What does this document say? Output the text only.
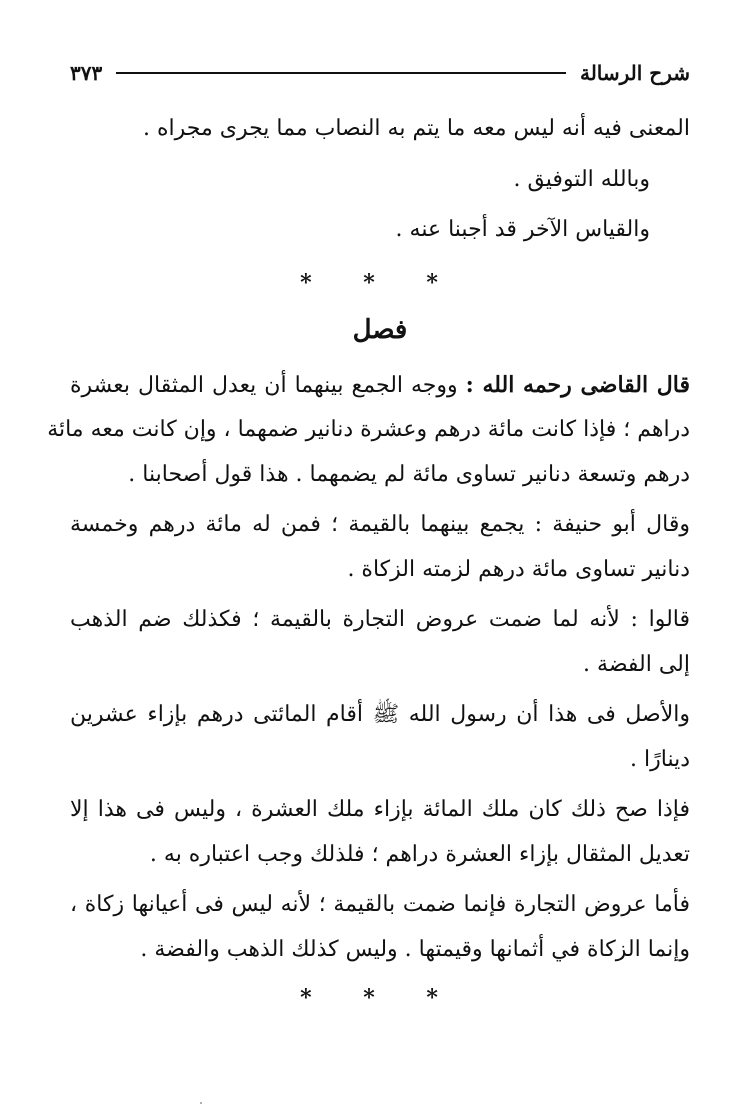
شرح الرسالة
٣٧٣
المعنى فيه أنه ليس معه ما يتم به النصاب مما يجرى مجراه .
وبالله التوفيق .
والقياس الآخر قد أجبنا عنه .
* * *
فصل
قال القاضى رحمه الله : ووجه الجمع بينهما أن يعدل المثقال بعشرة
دراهم ؛ فإذا كانت مائة درهم وعشرة دنانير ضمهما ، وإن كانت معه مائة
درهم وتسعة دنانير تساوى مائة لم يضمهما . هذا قول أصحابنا .
وقال أبو حنيفة : يجمع بينهما بالقيمة ؛ فمن له مائة درهم وخمسة
دنانير تساوى مائة درهم لزمته الزكاة .
قالوا : لأنه لما ضمت عروض التجارة بالقيمة ؛ فكذلك ضم الذهب
إلى الفضة .
والأصل فى هذا أن رسول الله ﷺ أقام المائتى درهم بإزاء عشرين
دينارًا .
فإذا صح ذلك كان ملك المائة بإزاء ملك العشرة ، وليس فى هذا إلا
تعديل المثقال بإزاء العشرة دراهم ؛ فلذلك وجب اعتباره به .
فأما عروض التجارة فإنما ضمت بالقيمة ؛ لأنه ليس فى أعيانها زكاة ،
وإنما الزكاة في أثمانها وقيمتها . وليس كذلك الذهب والفضة .
* * *
